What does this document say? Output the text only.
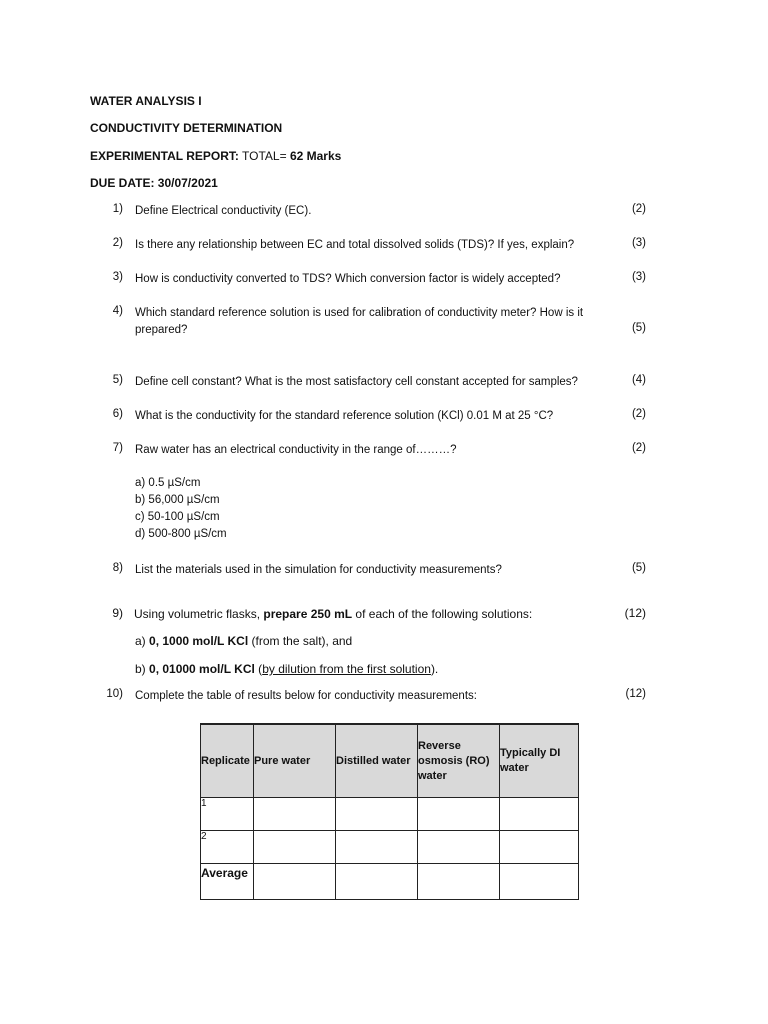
WATER ANALYSIS I
CONDUCTIVITY DETERMINATION
EXPERIMENTAL REPORT: TOTAL= 62 Marks
DUE DATE: 30/07/2021
1) Define Electrical conductivity (EC).	(2)
2) Is there any relationship between EC and total dissolved solids (TDS)? If yes, explain?	(3)
3) How is conductivity converted to TDS? Which conversion factor is widely accepted?	(3)
4) Which standard reference solution is used for calibration of conductivity meter? How is it
prepared?	(5)
5) Define cell constant? What is the most satisfactory cell constant accepted for samples?	(4)
6) What is the conductivity for the standard reference solution (KCl) 0.01 M at 25 °C?	(2)
7) Raw water has an electrical conductivity in the range of………?	(2)
a) 0.5 µS/cm
b) 56,000 µS/cm
c) 50-100 µS/cm
d) 500-800 µS/cm
8) List the materials used in the simulation for conductivity measurements?	(5)
9) Using volumetric flasks, prepare 250 mL of each of the following solutions:	(12)
a) 0, 1000 mol/L KCl (from the salt), and
b) 0, 01000 mol/L KCl (by dilution from the first solution).
10) Complete the table of results below for conductivity measurements:	(12)
Replicate	Pure water	Distilled water	Reverse osmosis (RO) water	Typically DI water
1				
2				
Average				
